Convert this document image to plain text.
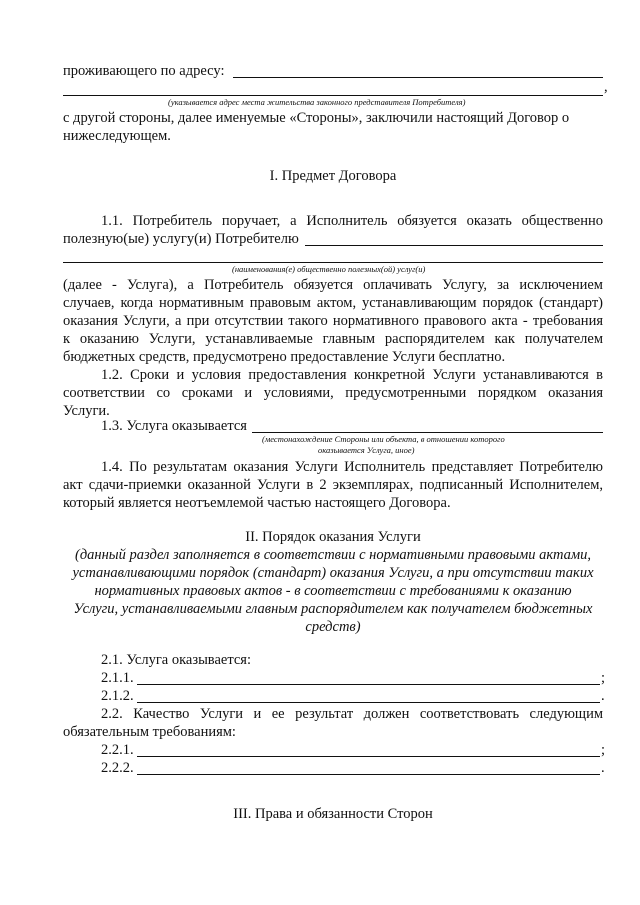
проживающего по адресу:
,
(указывается адрес места жительства законного представителя Потребителя)
с другой стороны, далее именуемые «Стороны», заключили настоящий Договор о
нижеследующем.
I. Предмет Договора
1.1. Потребитель поручает, а Исполнитель обязуется оказать общественно
полезную(ые) услугу(и) Потребителю
(наименования(е) общественно полезных(ой) услуг(и)
(далее - Услуга), а Потребитель обязуется оплачивать Услугу, за исключением
случаев, когда нормативным правовым актом, устанавливающим порядок (стандарт)
оказания Услуги, а при отсутствии такого нормативного правового акта - требования
к оказанию Услуги, устанавливаемые главным распорядителем как получателем
бюджетных средств, предусмотрено предоставление Услуги бесплатно.
1.2. Сроки и условия предоставления конкретной Услуги устанавливаются в
соответствии со сроками и условиями, предусмотренными порядком оказания
Услуги.
1.3. Услуга оказывается
(местонахождение Стороны или объекта, в отношении которого
оказывается Услуга, иное)
1.4. По результатам оказания Услуги Исполнитель представляет Потребителю
акт сдачи-приемки оказанной Услуги в 2 экземплярах, подписанный Исполнителем,
который является неотъемлемой частью настоящего Договора.
II. Порядок оказания Услуги
(данный раздел заполняется в соответствии с нормативными правовыми актами,
устанавливающими порядок (стандарт) оказания Услуги, а при отсутствии таких
нормативных правовых актов - в соответствии с требованиями к оказанию
Услуги, устанавливаемыми главным распорядителем как получателем бюджетных
средств)
2.1. Услуга оказывается:
2.1.1.	;
2.1.2.	.
2.2. Качество Услуги и ее результат должен соответствовать следующим
обязательным требованиям:
2.2.1.	;
2.2.2.	.
III. Права и обязанности Сторон
